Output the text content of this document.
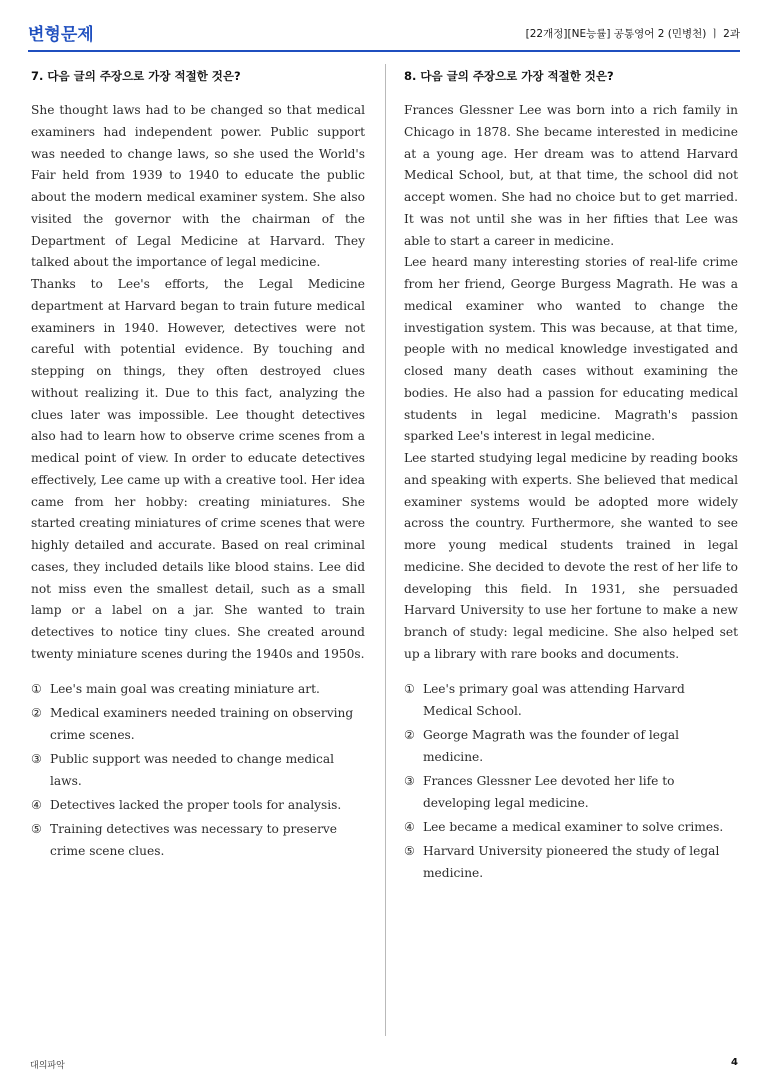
변형문제	[22개정][NE능률] 공통영어 2 (민병천) ㅣ 2과
7. 다음 글의 주장으로 가장 적절한 것은?

She thought laws had to be changed so that medical examiners had independent power. Public support was needed to change laws, so she used the World's Fair held from 1939 to 1940 to educate the public about the modern medical examiner system. She also visited the governor with the chairman of the Department of Legal Medicine at Harvard. They talked about the importance of legal medicine.

Thanks to Lee's efforts, the Legal Medicine department at Harvard began to train future medical examiners in 1940. However, detectives were not careful with potential evidence. By touching and stepping on things, they often destroyed clues without realizing it. Due to this fact, analyzing the clues later was impossible. Lee thought detectives also had to learn how to observe crime scenes from a medical point of view. In order to educate detectives effectively, Lee came up with a creative tool. Her idea came from her hobby: creating miniatures. She started creating miniatures of crime scenes that were highly detailed and accurate. Based on real criminal cases, they included details like blood stains. Lee did not miss even the smallest detail, such as a small lamp or a label on a jar. She wanted to train detectives to notice tiny clues. She created around twenty miniature scenes during the 1940s and 1950s.

① Lee's main goal was creating miniature art.
② Medical examiners needed training on observing crime scenes.
③ Public support was needed to change medical laws.
④ Detectives lacked the proper tools for analysis.
⑤ Training detectives was necessary to preserve crime scene clues.
8. 다음 글의 주장으로 가장 적절한 것은?

Frances Glessner Lee was born into a rich family in Chicago in 1878. She became interested in medicine at a young age. Her dream was to attend Harvard Medical School, but, at that time, the school did not accept women. She had no choice but to get married. It was not until she was in her fifties that Lee was able to start a career in medicine.

Lee heard many interesting stories of real-life crime from her friend, George Burgess Magrath. He was a medical examiner who wanted to change the investigation system. This was because, at that time, people with no medical knowledge investigated and closed many death cases without examining the bodies. He also had a passion for educating medical students in legal medicine. Magrath's passion sparked Lee's interest in legal medicine.

Lee started studying legal medicine by reading books and speaking with experts. She believed that medical examiner systems would be adopted more widely across the country. Furthermore, she wanted to see more young medical students trained in legal medicine. She decided to devote the rest of her life to developing this field. In 1931, she persuaded Harvard University to use her fortune to make a new branch of study: legal medicine. She also helped set up a library with rare books and documents.

① Lee's primary goal was attending Harvard Medical School.
② George Magrath was the founder of legal medicine.
③ Frances Glessner Lee devoted her life to developing legal medicine.
④ Lee became a medical examiner to solve crimes.
⑤ Harvard University pioneered the study of legal medicine.
대의파악	4
